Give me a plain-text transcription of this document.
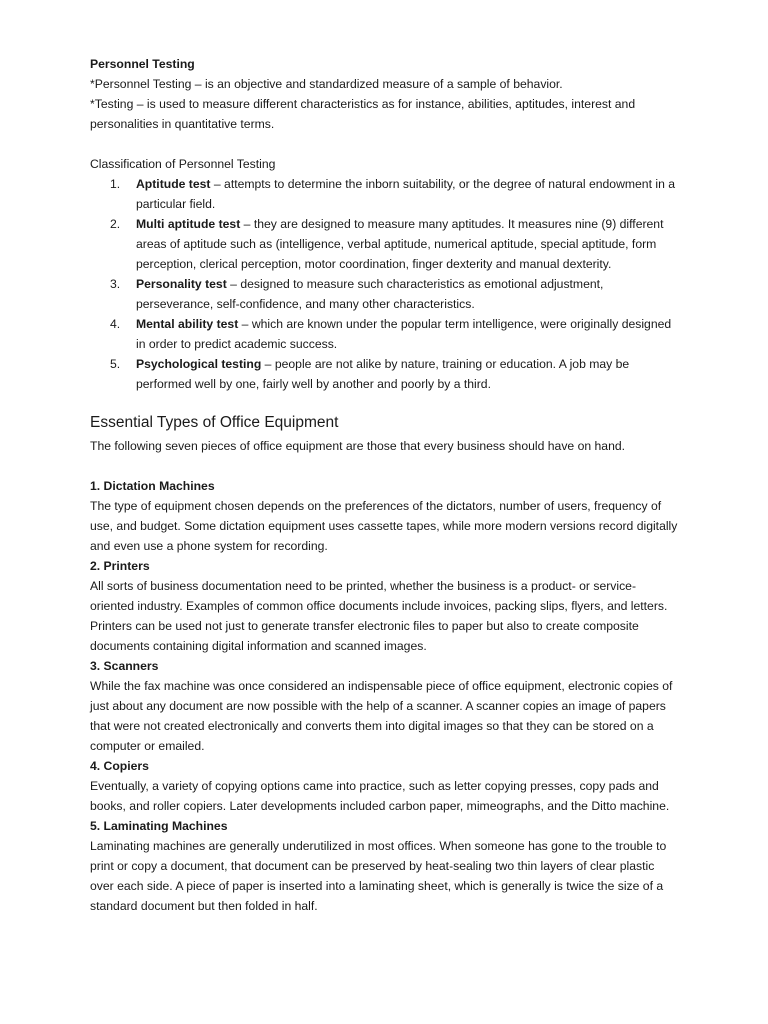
Personnel Testing

*Personnel Testing – is an objective and standardized measure of a sample of behavior.

*Testing – is used to measure different characteristics as for instance, abilities, aptitudes, interest and personalities in quantitative terms.

Classification of Personnel Testing

1. Aptitude test – attempts to determine the inborn suitability, or the degree of natural endowment in a particular field.
2. Multi aptitude test – they are designed to measure many aptitudes. It measures nine (9) different areas of aptitude such as (intelligence, verbal aptitude, numerical aptitude, special aptitude, form perception, clerical perception, motor coordination, finger dexterity and manual dexterity.
3. Personality test – designed to measure such characteristics as emotional adjustment, perseverance, self-confidence, and many other characteristics.
4. Mental ability test – which are known under the popular term intelligence, were originally designed in order to predict academic success.
5. Psychological testing – people are not alike by nature, training or education. A job may be performed well by one, fairly well by another and poorly by a third.
Essential Types of Office Equipment

The following seven pieces of office equipment are those that every business should have on hand.

1. Dictation Machines

The type of equipment chosen depends on the preferences of the dictators, number of users, frequency of use, and budget. Some dictation equipment uses cassette tapes, while more modern versions record digitally and even use a phone system for recording.

2. Printers

All sorts of business documentation need to be printed, whether the business is a product- or service-oriented industry. Examples of common office documents include invoices, packing slips, flyers, and letters. Printers can be used not just to generate transfer electronic files to paper but also to create composite documents containing digital information and scanned images.

3. Scanners

While the fax machine was once considered an indispensable piece of office equipment, electronic copies of just about any document are now possible with the help of a scanner. A scanner copies an image of papers that were not created electronically and converts them into digital images so that they can be stored on a computer or emailed.

4. Copiers

Eventually, a variety of copying options came into practice, such as letter copying presses, copy pads and books, and roller copiers. Later developments included carbon paper, mimeographs, and the Ditto machine.

5. Laminating Machines

Laminating machines are generally underutilized in most offices. When someone has gone to the trouble to print or copy a document, that document can be preserved by heat-sealing two thin layers of clear plastic over each side. A piece of paper is inserted into a laminating sheet, which is generally is twice the size of a standard document but then folded in half.
